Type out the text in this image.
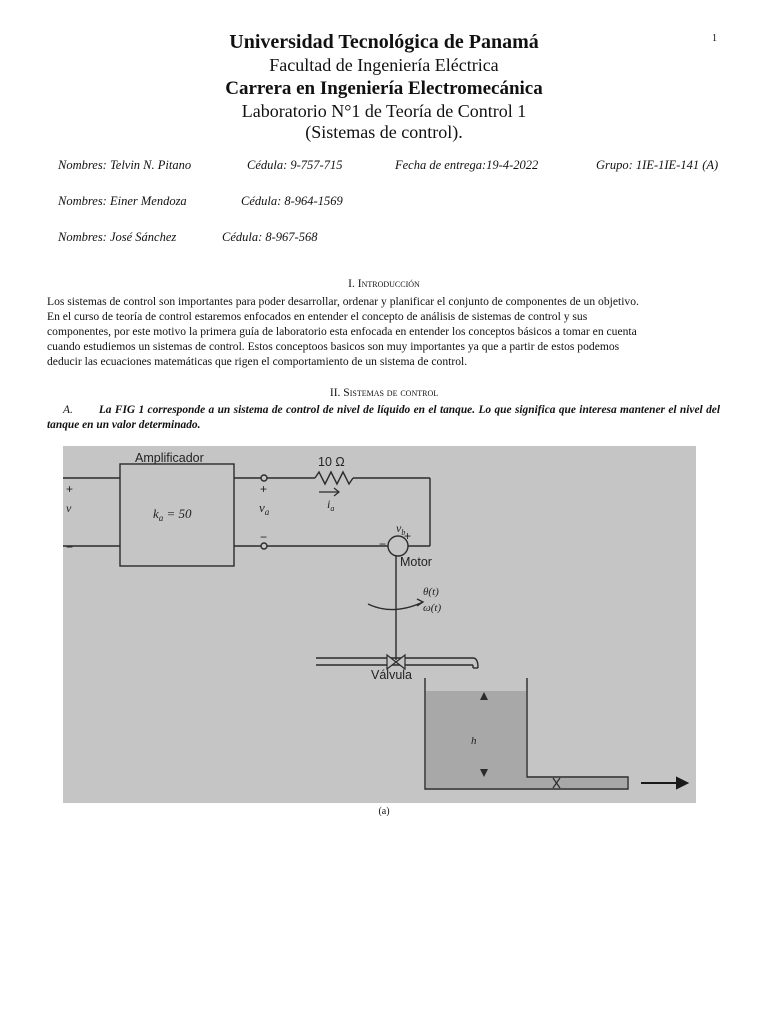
1
Universidad Tecnológica de Panamá
Facultad de Ingeniería Eléctrica
Carrera en Ingeniería Electromecánica
Laboratorio N°1 de Teoría de Control 1
(Sistemas de control).
Nombres: Telvin N. Pitano	Cédula: 9-757-715	Fecha de entrega:19-4-2022	Grupo: 1IE-1IE-141 (A)
Nombres: Einer Mendoza	Cédula: 8-964-1569
Nombres: José Sánchez	Cédula: 8-967-568
I. Introducción
Los sistemas de control son importantes para poder desarrollar, ordenar y planificar el conjunto de componentes de un objetivo.
En el curso de teoría de control estaremos enfocados en entender el concepto de análisis de sistemas de control y sus
componentes, por este motivo la primera guía de laboratorio esta enfocada en entender los conceptos básicos a tomar en cuenta
cuando estudiemos un sistemas de control. Estos conceptoos basicos son muy importantes ya que a partir de estos podemos
deducir las ecuaciones matemáticas que rigen el comportamiento de un sistema de control.
II. Sistemas de control
A. La FIG 1 corresponde a un sistema de control de nivel de líquido en el tanque. Lo que significa que interesa mantener el nivel del tanque en un valor determinado.
Amplificador
$k_a = 50$
10 Ω
$i_a$
+
v
−
+
$v_a$
−
$v_b$
−
+
Motor
θ(t)
ω(t)
Válvula
h
(a)
